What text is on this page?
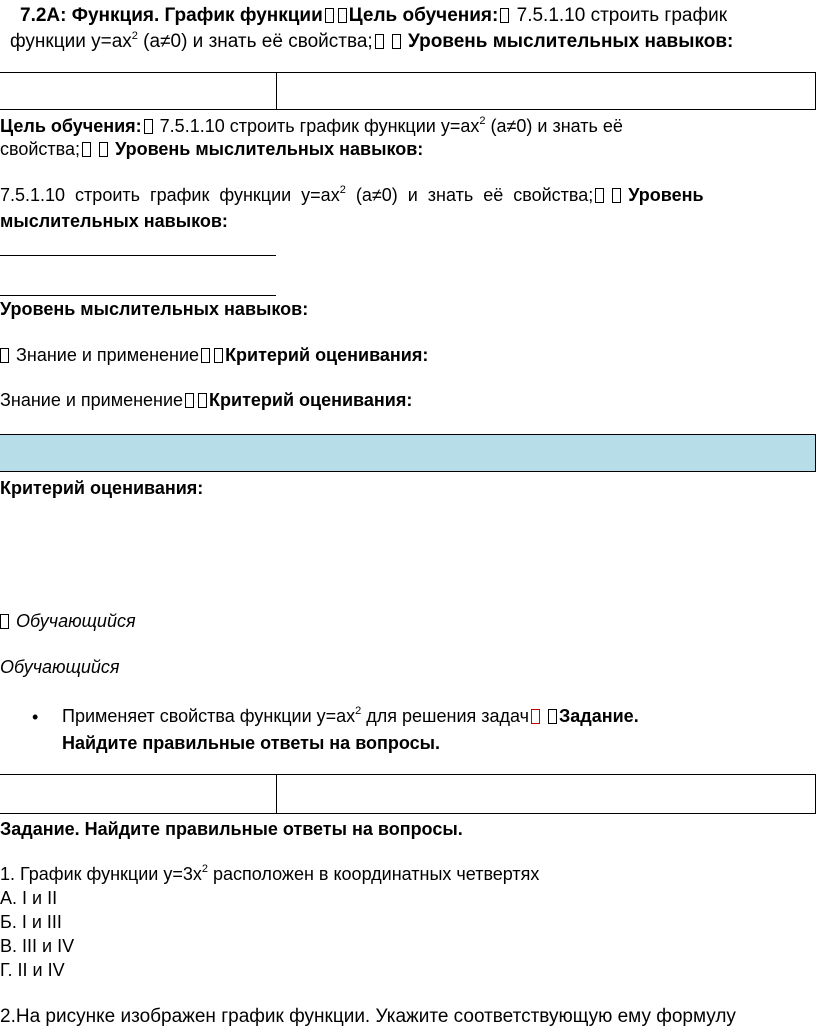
7.2А: Функция. График функции Цель обучения: 7.5.1.10 строить график
функции $у=ах^2$ (а≠0) и знать её свойства; Уровень мыслительных навыков:
Цель обучения: 7.5.1.10 строить график функции $у=ах^2$ (а≠0) и знать её
свойства; Уровень мыслительных навыков:
7.5.1.10  строить  график  функции  $у=ах^2$  (а≠0)  и  знать  её  свойства; Уровень
мыслительных навыков:
Уровень мыслительных навыков:
Знание и применение Критерий оценивания:
Знание и применение Критерий оценивания:
Критерий оценивания:
Обучающийся
Обучающийся
• Применяет свойства функции $у=ах^2$ для решения задач Задание.
Найдите правильные ответы на вопросы.
Задание. Найдите правильные ответы на вопросы.
1. График функции $у=3х^2$ расположен в координатных четвертях
А. I и II
Б. I и III
В. III и IV
Г. II и IV
2.На рисунке изображен график функции. Укажите соответствующую ему формулу
